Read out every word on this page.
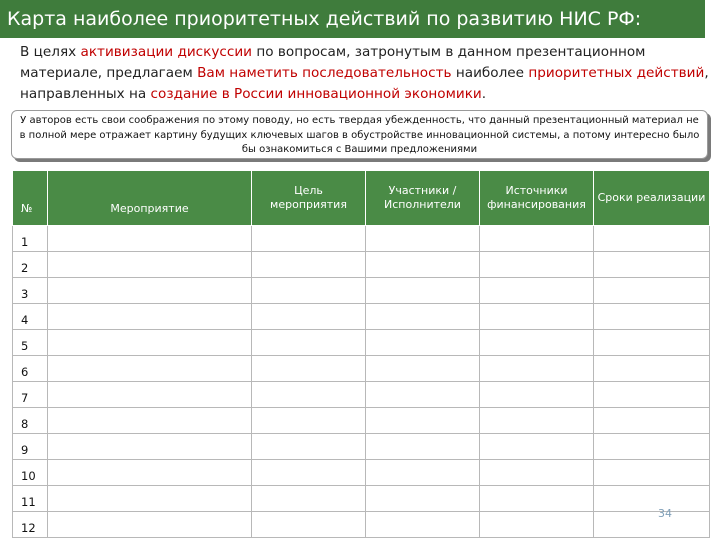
Карта наиболее приоритетных действий по развитию НИС РФ:
В целях активизации дискуссии по вопросам, затронутым в данном презентационном материале, предлагаем Вам наметить последовательность наиболее приоритетных действий, направленных на создание в России инновационной экономики.
У авторов есть свои соображения по этому поводу, но есть твердая убежденность, что данный презентационный материал не в полной мере отражает картину будущих ключевых шагов в обустройстве инновационной системы, а потому интересно было бы ознакомиться с Вашими предложениями
№	Мероприятие	Цель мероприятия	Участники / Исполнители	Источники финансирования	Сроки реализации
1					
2					
3					
4					
5					
6					
7					
8					
9					
10					
11					
12					
34
